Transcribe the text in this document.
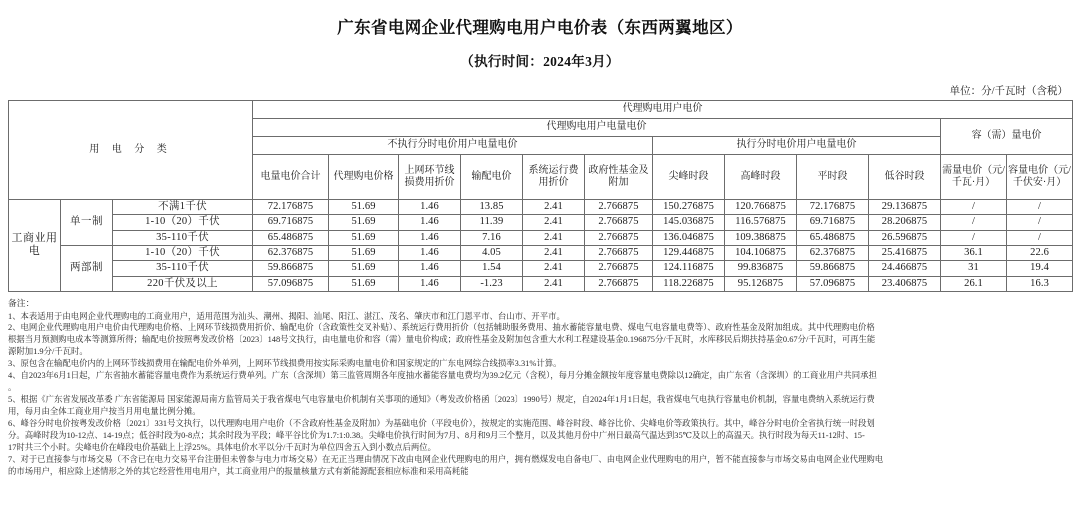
广东省电网企业代理购电用户电价表（东西两翼地区）
（执行时间：2024年3月）
单位：分/千瓦时（含税）
用 电 分 类			代理购电用户电价											
			代理购电用户电量电价										容（需）量电价	
			不执行分时电价用户电量电价						执行分时电价用户电量电价					
			电量电价合计	代理购电价格	上网环节线损费用折价	输配电价	系统运行费用折价	政府性基金及附加	尖峰时段	高峰时段	平时段	低谷时段	需量电价（元/千瓦·月）	容量电价（元/千伏安·月）
工商业用电	单一制	不满1千伏	72.176875	51.69	1.46	13.85	2.41	2.766875	150.276875	120.766875	72.176875	29.136875	/	/
		1-10（20）千伏	69.716875	51.69	1.46	11.39	2.41	2.766875	145.036875	116.576875	69.716875	28.206875	/	/
		35-110千伏	65.486875	51.69	1.46	7.16	2.41	2.766875	136.046875	109.386875	65.486875	26.596875	/	/
	两部制	1-10（20）千伏	62.376875	51.69	1.46	4.05	2.41	2.766875	129.446875	104.106875	62.376875	25.416875	36.1	22.6
		35-110千伏	59.866875	51.69	1.46	1.54	2.41	2.766875	124.116875	99.836875	59.866875	24.466875	31	19.4
		220千伏及以上	57.096875	51.69	1.46	-1.23	2.41	2.766875	118.226875	95.126875	57.096875	23.406875	26.1	16.3
备注：
1、本表适用于由电网企业代理购电的工商业用户，适用范围为汕头、潮州、揭阳、汕尾、阳江、湛江、茂名、肇庆市和江门恩平市、台山市、开平市。
2、电网企业代理购电用户电价由代理购电价格、上网环节线损费用折价、输配电价（含政策性交叉补贴）、系统运行费用折价（包括辅助服务费用、抽水蓄能容量电费、煤电气电容量电费等）、政府性基金及附加组成。其中代理购电价格
根据当月预测购电成本等测算所得；输配电价按照粤发改价格〔2023〕148号文执行，由电量电价和容（需）量电价构成；政府性基金及附加包含重大水利工程建设基金0.196875分/千瓦时，水库移民后期扶持基金0.67分/千瓦时，可再生能
源附加1.9分/千瓦时。
3、原包含在输配电价内的上网环节线损费用在输配电价外单列，上网环节线损费用按实际采购电量电价和国家规定的广东电网综合线损率3.31%计算。
4、自2023年6月1日起，广东省抽水蓄能容量电费作为系统运行费单列。广东（含深圳）第三监管周期各年度抽水蓄能容量电费均为39.2亿元（含税），每月分摊金额按年度容量电费除以12确定，由广东省（含深圳）的工商业用户共同承担
。
5、根据《广东省发展改革委 广东省能源局 国家能源局南方监管局关于我省煤电气电容量电价机制有关事项的通知》（粤发改价格函〔2023〕1990号）规定，自2024年1月1日起，我省煤电气电执行容量电价机制，容量电费纳入系统运行费
用，每月由全体工商业用户按当月用电量比例分摊。
6、峰谷分时电价按粤发改价格〔2021〕331号文执行，以代理购电用户电价（不含政府性基金及附加）为基础电价（平段电价），按规定的实施范围、峰谷时段、峰谷比价、尖峰电价等政策执行。其中，峰谷分时电价全省执行统一时段划
分。高峰时段为10-12点、14-19点；低谷时段为0-8点；其余时段为平段；峰平谷比价为1.7:1:0.38。尖峰电价执行时间为7月、8月和9月三个整月，以及其他月份中广州日最高气温达到35℃及以上的高温天。执行时段为每天11-12时、15-
17时共三个小时。尖峰电价在峰段电价基础上上浮25%。具体电价水平以分/千瓦时为单位四舍五入到小数点后两位。
7、对于已直接参与市场交易（不含已在电力交易平台注册但未曾参与电力市场交易）在无正当理由情况下改由电网企业代理购电的用户，拥有燃煤发电自备电厂、由电网企业代理购电的用户，暂不能直接参与市场交易由电网企业代理购电
的市场用户，相应除上述情形之外的其它经营性用电用户，其工商业用户的报量核量方式有新能源配套相应标准和采用高耗能
